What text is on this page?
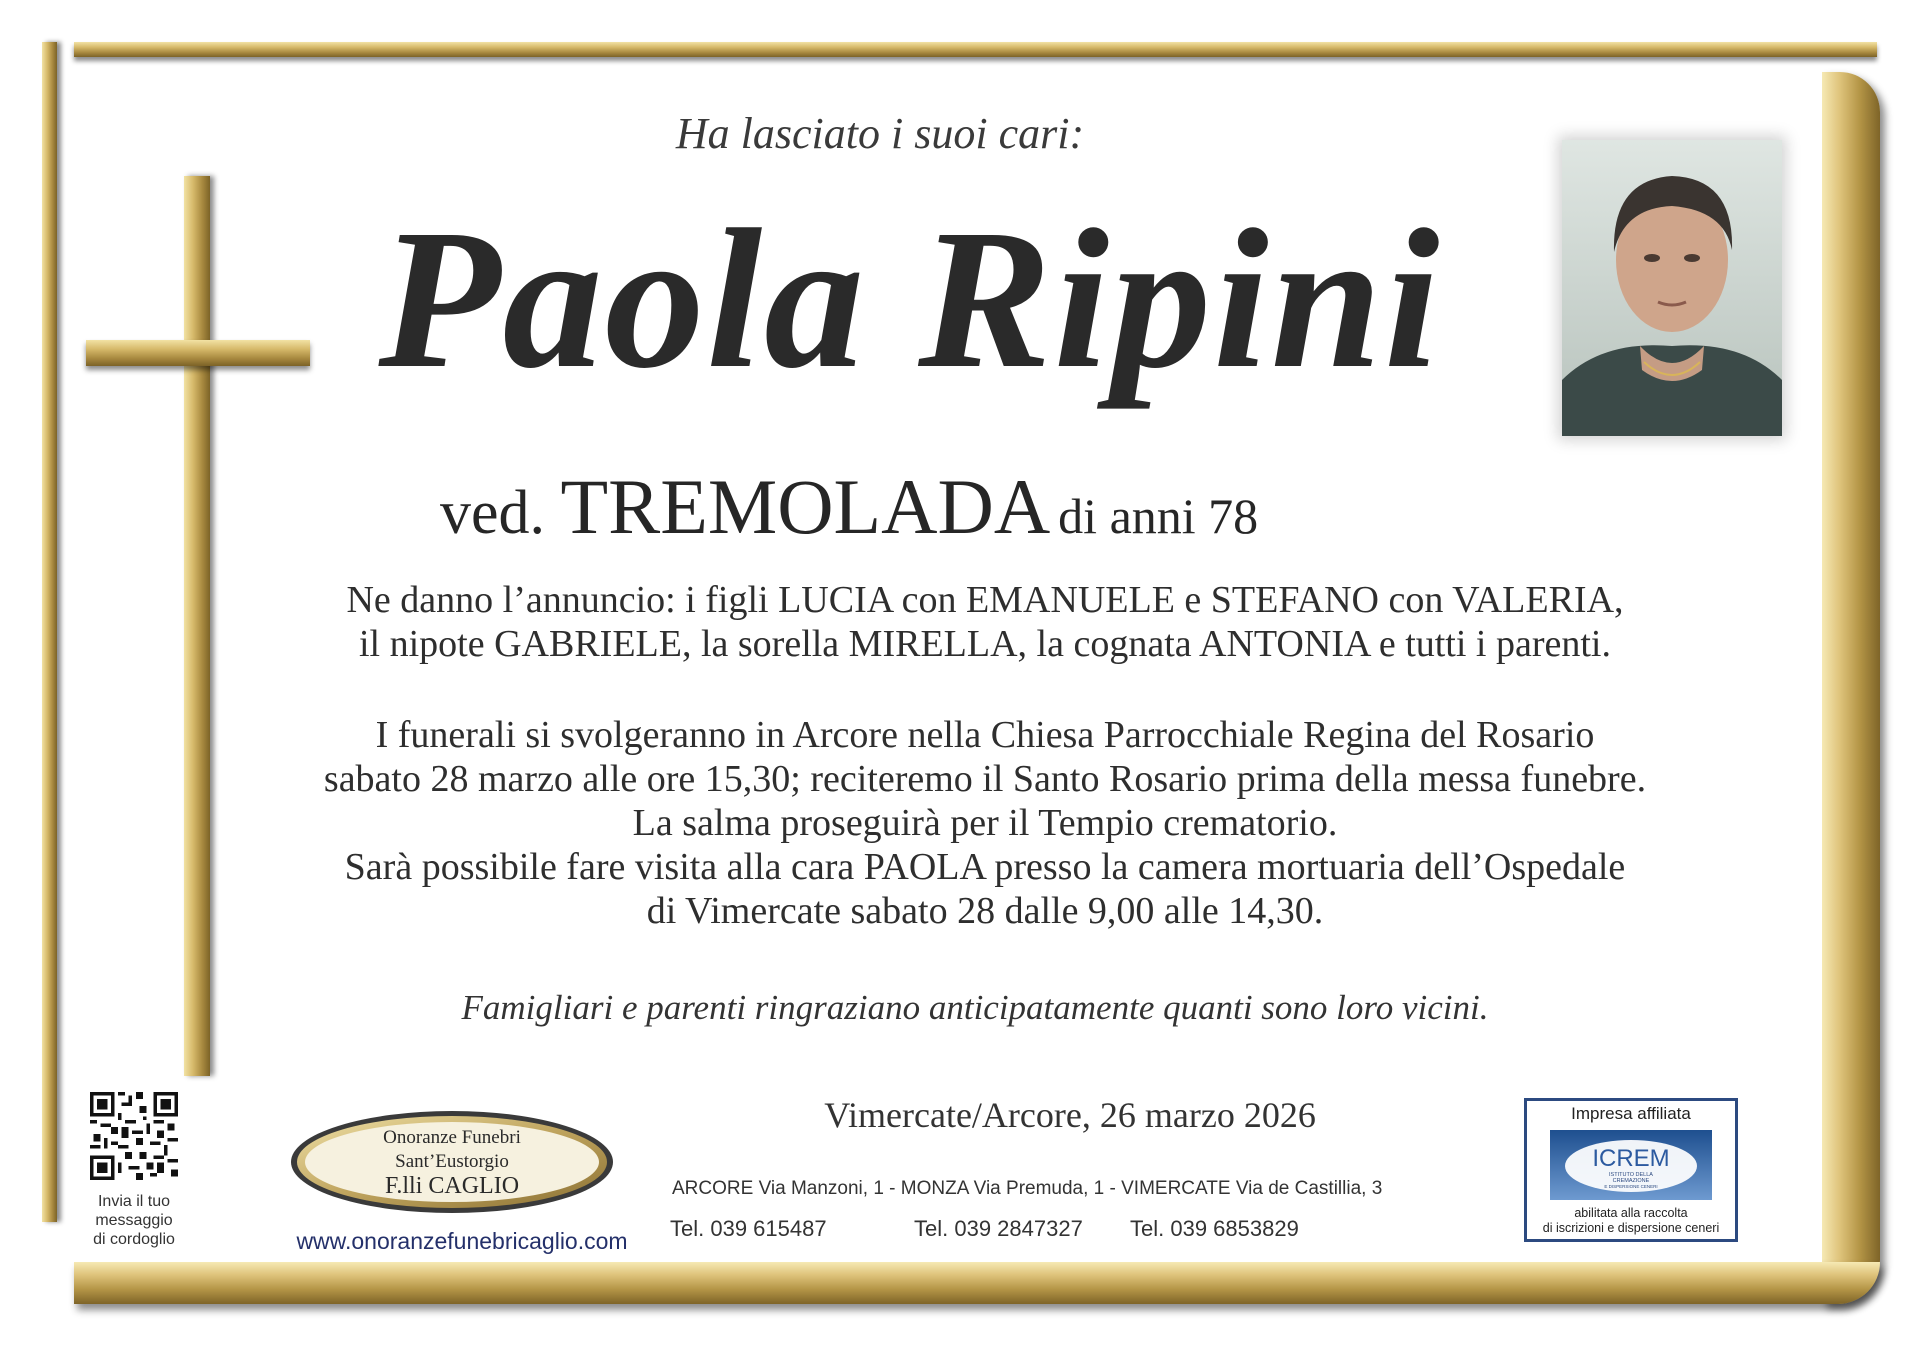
Ha lasciato i suoi cari:
Paola Ripini
ved. TREMOLADA di anni 78
Ne danno l’annuncio: i figli LUCIA con EMANUELE e STEFANO con VALERIA,
il nipote GABRIELE, la sorella MIRELLA, la cognata ANTONIA e tutti i parenti.
I funerali si svolgeranno in Arcore nella Chiesa Parrocchiale Regina del Rosario
sabato 28 marzo alle ore 15,30; reciteremo il Santo Rosario prima della messa funebre.
La salma proseguirà per il Tempio crematorio.
Sarà possibile fare visita alla cara PAOLA presso la camera mortuaria dell’Ospedale
di Vimercate sabato 28 dalle 9,00 alle 14,30.
Famigliari e parenti ringraziano anticipatamente quanti sono loro vicini.
Vimercate/Arcore, 26 marzo 2026
Invia il tuo
messaggio
di cordoglio
Onoranze Funebri
Sant’Eustorgio
F.lli CAGLIO
www.onoranzefunebricaglio.com
ARCORE Via Manzoni, 1 - MONZA Via Premuda, 1 - VIMERCATE Via de Castillia, 3
Tel. 039 615487	Tel. 039 2847327 Tel. 039 6853829
Impresa affiliata
ICREM
ISTITUTO DELLA
CREMAZIONE
E DISPERSIONE CENERI
abilitata alla raccolta
di iscrizioni e dispersione ceneri
